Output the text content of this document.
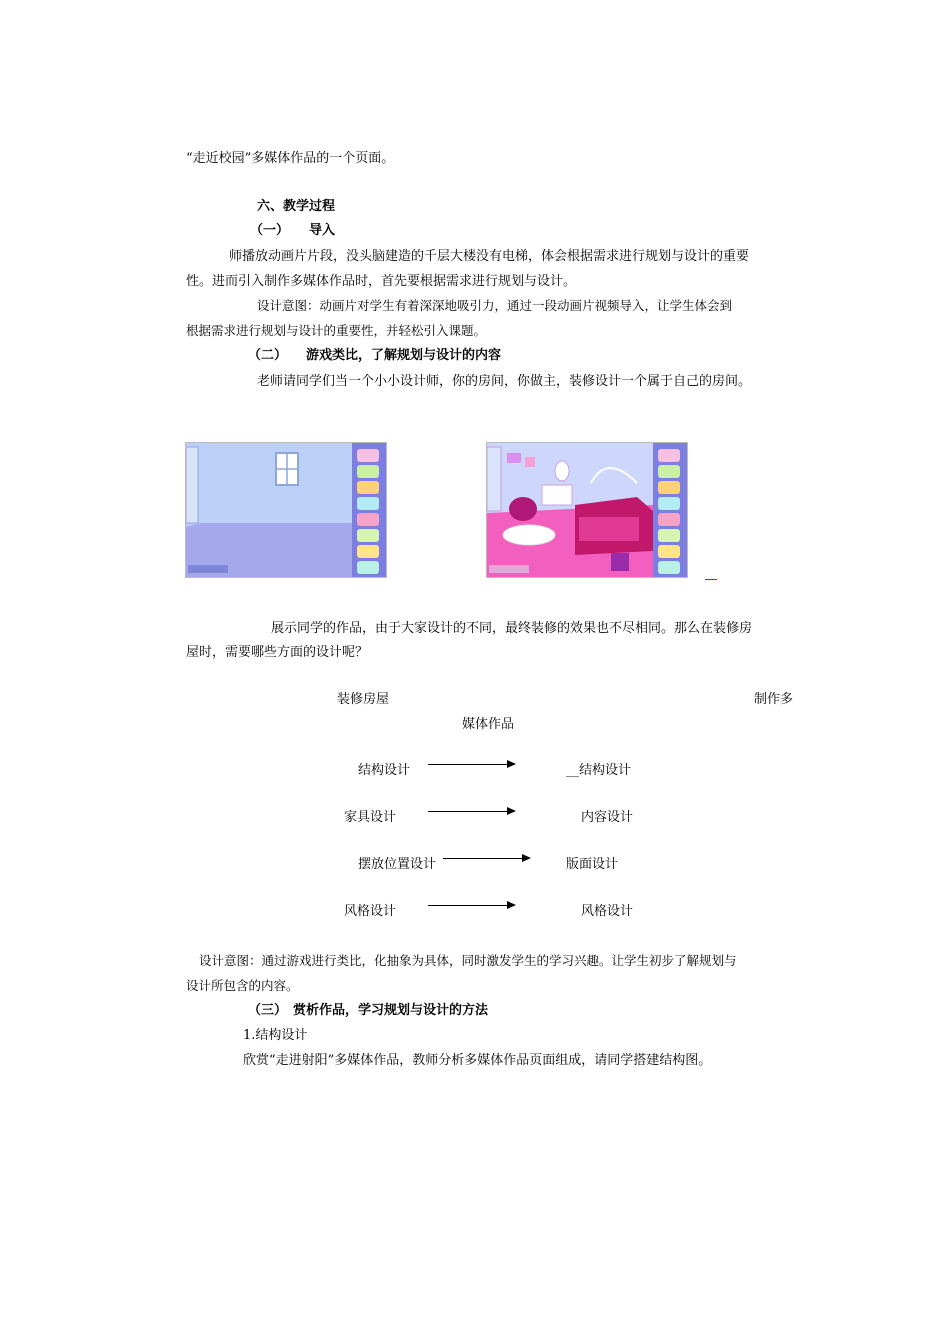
“走近校园”多媒体作品的一个页面。
六、教学过程
（一） 导入
师播放动画片片段，没头脑建造的千层大楼没有电梯，体会根据需求进行规划与设计的重要
性。进而引入制作多媒体作品时，首先要根据需求进行规划与设计。
设计意图：动画片对学生有着深深地吸引力，通过一段动画片视频导入，让学生体会到
根据需求进行规划与设计的重要性，并轻松引入课题。
（二） 游戏类比，了解规划与设计的内容
老师请同学们当一个小小设计师，你的房间，你做主，装修设计一个属于自己的房间。
展示同学的作品，由于大家设计的不同，最终装修的效果也不尽相同。那么在装修房
屋时，需要哪些方面的设计呢？
装修房屋	制作多
媒体作品
结构设计	__结构设计
家具设计	内容设计
摆放位置设计	版面设计
风格设计	风格设计
设计意图：通过游戏进行类比，化抽象为具体，同时激发学生的学习兴趣。让学生初步了解规划与
设计所包含的内容。
（三） 赏析作品，学习规划与设计的方法
1.结构设计
欣赏“走进射阳”多媒体作品，教师分析多媒体作品页面组成，请同学搭建结构图。
